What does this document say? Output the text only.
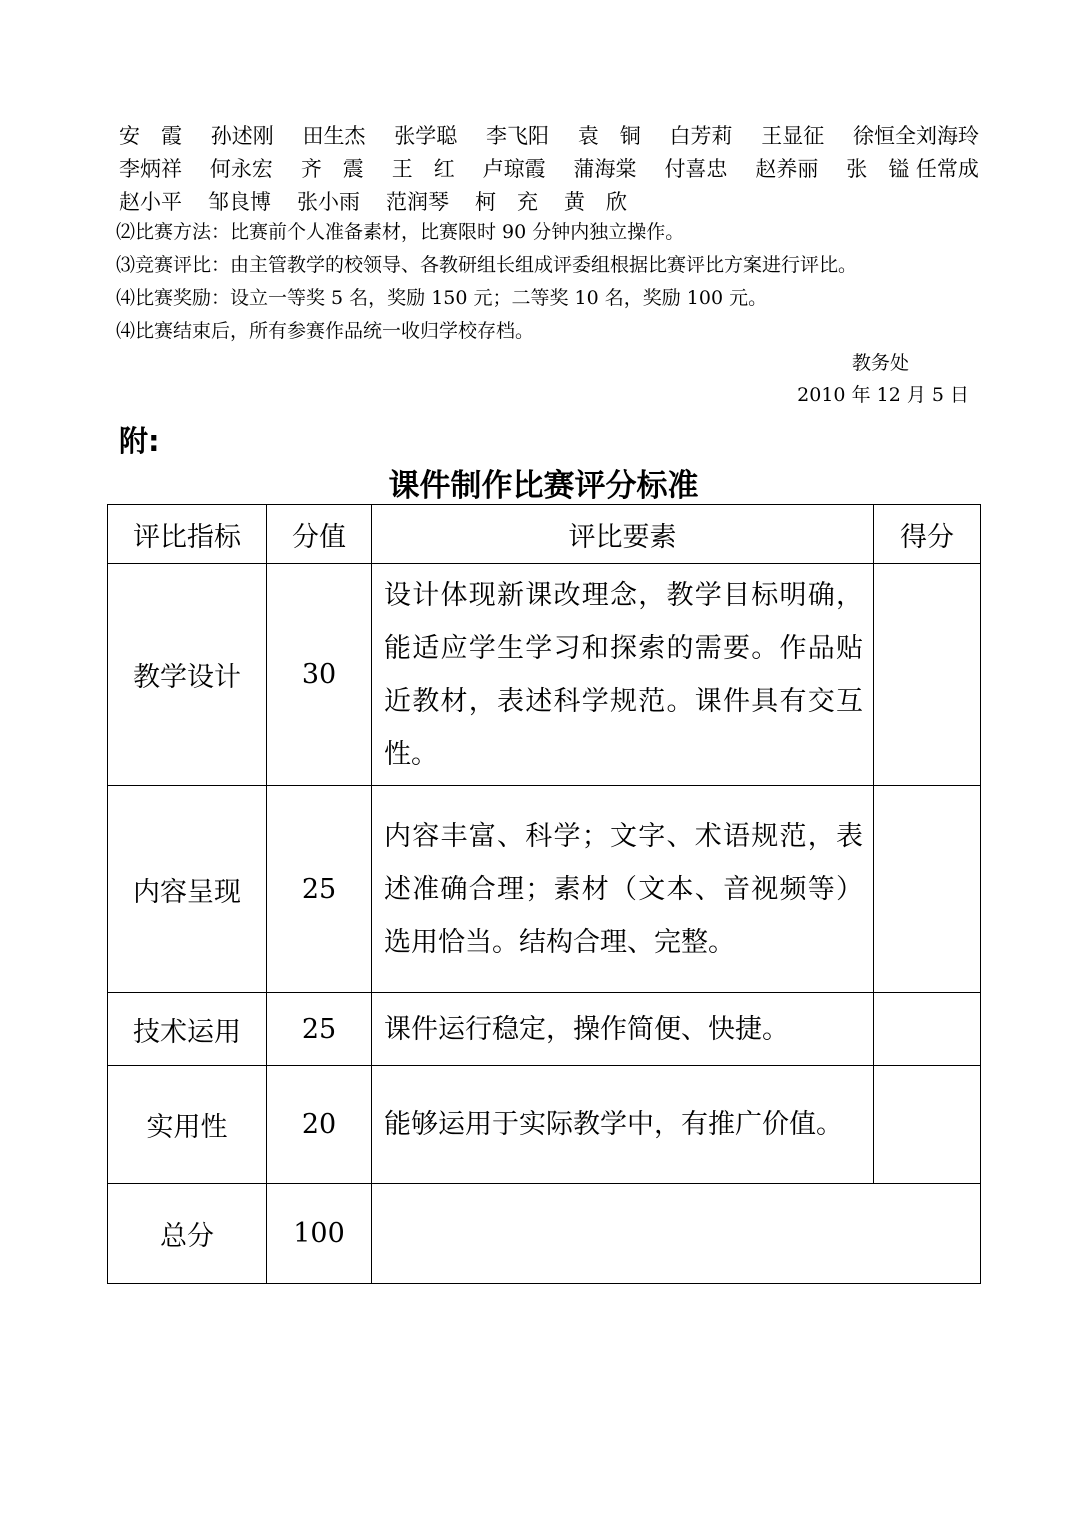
安　霞 孙述刚 田生杰 张学聪 李飞阳 袁　铜 白芳莉 王显征 徐恒全刘海玲
李炳祥 何永宏 齐　震 王　红 卢琼霞 蒲海棠 付喜忠 赵养丽 张　镒 任常成
赵小平 邹良博 张小雨 范润琴 柯　充 黄　欣
⑵比赛方法：比赛前个人准备素材，比赛限时 90 分钟内独立操作。
⑶竞赛评比：由主管教学的校领导、各教研组长组成评委组根据比赛评比方案进行评比。
⑷比赛奖励：设立一等奖 5 名，奖励 150 元；二等奖 10 名，奖励 100 元。
⑷比赛结束后，所有参赛作品统一收归学校存档。
教务处
2010 年 12 月 5 日
附:
课件制作比赛评分标准
评比指标	分值	评比要素	得分
教学设计	30	设计体现新课改理念，教学目标明确，能适应学生学习和探索的需要。作品贴近教材，表述科学规范。课件具有交互性。	
内容呈现	25	内容丰富、科学；文字、术语规范，表述准确合理；素材（文本、音视频等）选用恰当。结构合理、完整。	
技术运用	25	课件运行稳定，操作简便、快捷。	
实用性	20	能够运用于实际教学中，有推广价值。	
总分	100		
